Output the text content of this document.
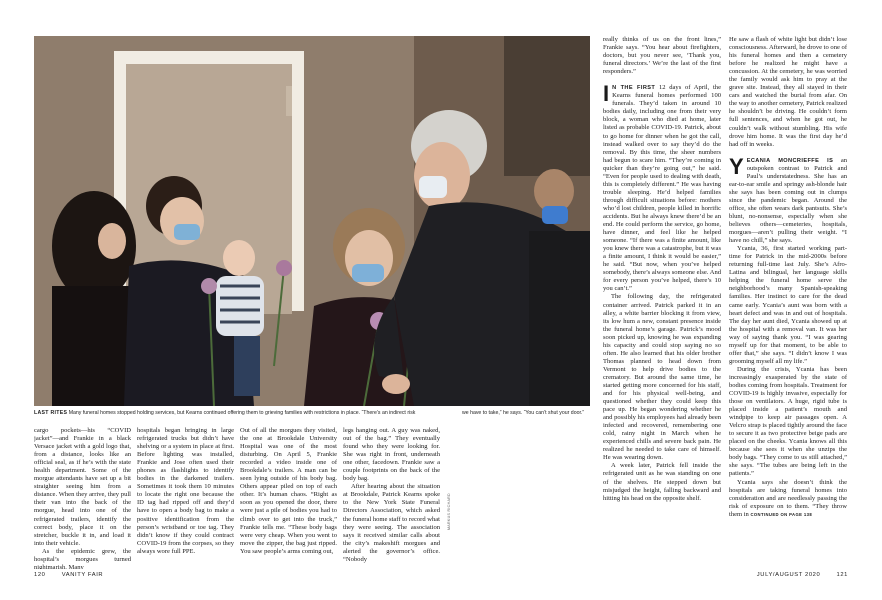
LAST RITES Many funeral homes stopped holding services, but Kearns continued offering them to grieving families with restrictions in place. “There’s an indirect risk	we have to take,” he says. “You can’t shut your door.”

cargo pockets—his “COVID jacket”—and Frankie in a black Versace jacket with a gold logo that, from a distance, looks like an official seal, as if he’s with the state health department. Some of the morgue attendants have set up a bit straighter seeing him from a distance. When they arrive, they pull their van into the back of the morgue, head into one of the refrigerated trailers, identify the correct body, place it on the stretcher, buckle it in, and load it into their vehicle.

As the epidemic grew, the hospital’s morgues turned nightmarish. Many

hospitals began bringing in large refrigerated trucks but didn’t have shelving or a system in place at first. Before lighting was installed, Frankie and Jose often used their phones as flashlights to identify bodies in the darkened trailers. Sometimes it took them 10 minutes to locate the right one because the ID tag had ripped off and they’d have to open a body bag to make a positive identification from the person’s wristband or toe tag. They didn’t know if they could contract COVID-19 from the corpses, so they always wore full PPE.

Out of all the morgues they visited, the one at Brookdale University Hospital was one of the most disturbing. On April 5, Frankie recorded a video inside one of Brookdale’s trailers. A man can be seen lying outside of his body bag. Others appear piled on top of each other. It’s human chaos. “Right as soon as you opened the door, there were just a pile of bodies you had to climb over to get into the truck,” Frankie tells me. “These body bags were very cheap. When you went to move the zipper, the bag just ripped. You saw people’s arms coming out,

legs hanging out. A guy was naked, out of the bag.” They eventually found who they were looking for. She was right in front, underneath one other, facedown. Frankie saw a couple footprints on the back of the body bag.

After hearing about the situation at Brookdale, Patrick Kearns spoke to the New York State Funeral Directors Association, which asked the funeral home staff to record what they were seeing. The association says it received similar calls about the city’s makeshift morgues and alerted the governor’s office. “Nobody

MARKUS RICHARD

really thinks of us on the front lines,” Frankie says. “You hear about firefighters, doctors, but you never see, ‘Thank you, funeral directors.’ We’re the last of the first responders.”

I N THE FIRST 12 days of April, the Kearns funeral homes performed 100 funerals. They’d taken in around 10 bodies daily, including one from their very block, a woman who died at home, later listed as probable COVID-19. Patrick, about to go home for dinner when he got the call, instead walked over to say they’d do the removal. By this time, the sheer numbers had begun to scare him. “They’re coming in quicker than they’re going out,” he said. “Even for people used to dealing with death, this is completely different.” He was having trouble sleeping. He’d helped families through difficult situations before: mothers who’d lost children, people killed in horrific accidents. But he always knew there’d be an end. He could perform the service, go home, have dinner, and feel like he helped someone. “If there was a finite amount, like you knew there was a catastrophe, but it was a finite amount, I think it would be easier,” he said. “But now, when you’ve helped somebody, there’s always someone else. And for every person you’ve helped, there’s 10 you can’t.”

The following day, the refrigerated container arrived. Patrick parked it in an alley, a white barrier blocking it from view, its low hum a new, constant presence inside the funeral home’s garage. Patrick’s mood soon picked up, knowing he was expanding his capacity and could stop saying no so often. He also learned that his older brother Thomas planned to head down from Vermont to help drive bodies to the crematory. But around the same time, he started getting more concerned for his staff, and for his physical well-being, and questioned whether they could keep this pace up. He began wondering whether he and possibly his employees had already been infected and recovered, remembering one cold, rainy night in March when he experienced chills and severe back pain. He realized he needed to take care of himself. He was wearing down.

A week later, Patrick fell inside the refrigerated unit as he was standing on one of the shelves. He stepped down but misjudged the height, falling backward and hitting his head on the opposite shelf.

He saw a flash of white light but didn’t lose consciousness. Afterward, he drove to one of his funeral homes and then a cemetery before he realized he might have a concussion. At the cemetery, he was worried the family would ask him to pray at the grave site. Instead, they all stayed in their cars and watched the burial from afar. On the way to another cemetery, Patrick realized he shouldn’t be driving. He couldn’t form full sentences, and when he got out, he couldn’t walk without stumbling. His wife drove him home. It was the first day he’d had off in weeks.

YECANIA MONCRIEFFE IS an outspoken contrast to Patrick and Paul’s understatedness. She has an ear-to-ear smile and springy ash-blonde hair she says has been coming out in clumps since the pandemic began. Around the office, she often wears dark pantsuits. She’s blunt, no-nonsense, especially when she believes others—cemeteries, hospitals, morgues—aren’t pulling their weight. “I have no chill,” she says.

Ycania, 36, first started working part-time for Patrick in the mid-2000s before returning full-time last July. She’s Afro-Latina and bilingual, her language skills helping the funeral home serve the neighborhood’s many Spanish-speaking families. Her instinct to care for the dead came early. Ycania’s aunt was born with a heart defect and was in and out of hospitals. The day her aunt died, Ycania showed up at the hospital with a removal van. It was her way of saying thank you. “I was gearing myself up for that moment, to be able to offer that,” she says. “I didn’t know I was grooming myself all my life.”

During the crisis, Ycania has been increasingly exasperated by the state of bodies coming from hospitals. Treatment for COVID-19 is highly invasive, especially for those on ventilators. A huge, rigid tube is placed inside a patient’s mouth and windpipe to keep air passages open. A Velcro strap is placed tightly around the face to secure it as two protective beige pads are placed on the cheeks. Ycania knows all this because she sees it when she unzips the body bags. “They come to us still attached,” she says. “The tubes are being left in the patients.”

Ycania says she doesn’t think the hospitals are taking funeral homes into consideration and are needlessly passing the risk of exposure on to them. “They throw them in CONTINUED ON PAGE 138

120	VANITY FAIR	JULY/AUGUST 2020	121
